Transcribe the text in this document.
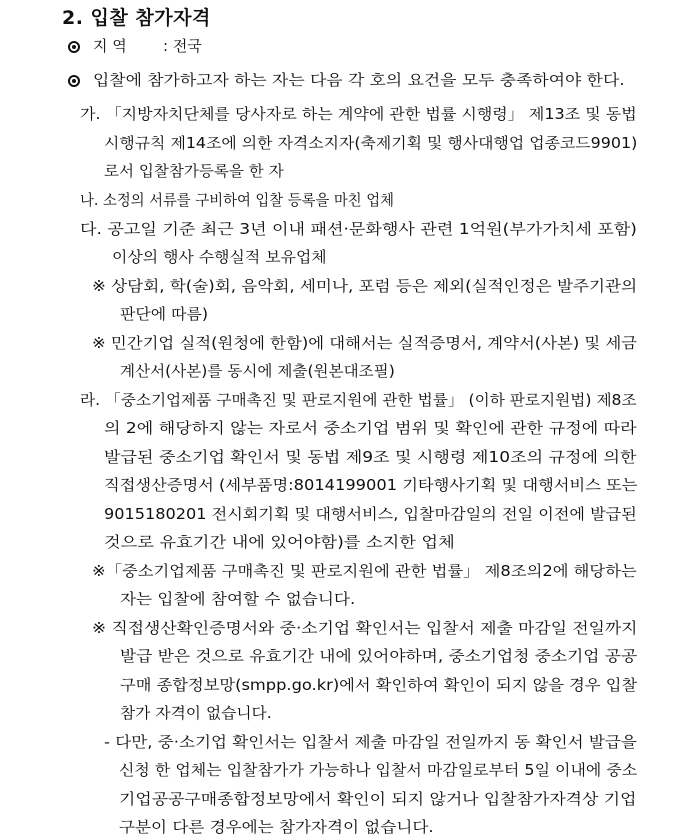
2. 입찰 참가자격
지 역 : 전국
입찰에 참가하고자 하는 자는 다음 각 호의 요건을 모두 충족하여야 한다.
가. 「지방자치단체를 당사자로 하는 계약에 관한 법률 시행령」 제13조 및 동법
시행규칙 제14조에 의한 자격소지자(축제기획 및 행사대행업 업종코드9901)
로서 입찰참가등록을 한 자
나. 소정의 서류를 구비하여 입찰 등록을 마친 업체
다. 공고일 기준 최근 3년 이내 패션·문화행사 관련 1억원(부가가치세 포함)
이상의 행사 수행실적 보유업체
※ 상담회, 학(술)회, 음악회, 세미나, 포럼 등은 제외(실적인정은 발주기관의
판단에 따름)
※ 민간기업 실적(원청에 한함)에 대해서는 실적증명서, 계약서(사본) 및 세금
계산서(사본)를 동시에 제출(원본대조필)
라. 「중소기업제품 구매촉진 및 판로지원에 관한 법률」 (이하 판로지원법) 제8조
의 2에 해당하지 않는 자로서 중소기업 범위 및 확인에 관한 규정에 따라
발급된 중소기업 확인서 및 동법 제9조 및 시행령 제10조의 규정에 의한
직접생산증명서 (세부품명:8014199001 기타행사기획 및 대행서비스 또는
9015180201 전시회기획 및 대행서비스, 입찰마감일의 전일 이전에 발급된
것으로 유효기간 내에 있어야함)를 소지한 업체
※「중소기업제품 구매촉진 및 판로지원에 관한 법률」 제8조의2에 해당하는
자는 입찰에 참여할 수 없습니다.
※ 직접생산확인증명서와 중·소기업 확인서는 입찰서 제출 마감일 전일까지
발급 받은 것으로 유효기간 내에 있어야하며, 중소기업청 중소기업 공공
구매 종합정보망(smpp.go.kr)에서 확인하여 확인이 되지 않을 경우 입찰
참가 자격이 없습니다.
- 다만, 중·소기업 확인서는 입찰서 제출 마감일 전일까지 동 확인서 발급을
신청 한 업체는 입찰참가가 가능하나 입찰서 마감일로부터 5일 이내에 중소
기업공공구매종합정보망에서 확인이 되지 않거나 입찰참가자격상 기업
구분이 다른 경우에는 참가자격이 없습니다.
